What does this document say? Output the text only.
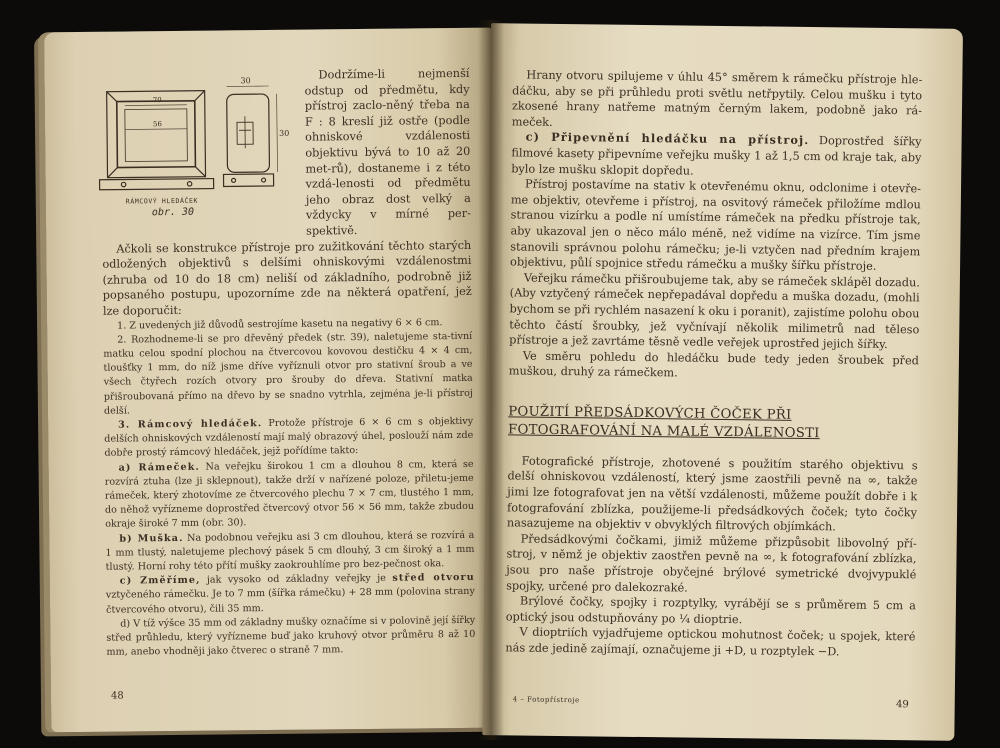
30
70
56
30
RÁMCOVÝ HLEDÁČEK
obr. 30

Dodržíme-li nejmenší odstup od předmětu, kdy přístroj zaclo-něný třeba na F : 8 kreslí již ostře (podle ohniskové vzdálenosti objektivu bývá to 10 až 20 met-rů), dostaneme i z této vzdá-lenosti od předmětu jeho obraz dost velký a vždycky v mírné per-spektivě.

Ačkoli se konstrukce přístroje pro zužitkování těchto starých odložených objektivů s delšími ohniskovými vzdálenostmi (zhruba od 10 do 18 cm) neliší od základního, podrobně již popsaného postupu, upozorníme zde na některá opatření, jež lze doporučit:

1. Z uvedených již důvodů sestrojíme kasetu na negativy 6 × 6 cm.

2. Rozhodneme-li se pro dřevěný předek (str. 39), naletujeme sta-tivní matku celou spodní plochou na čtvercovou kovovou destičku 4 × 4 cm, tloušťky 1 mm, do níž jsme dříve vyříznuli otvor pro stativní šroub a ve všech čtyřech rozích otvory pro šrouby do dřeva. Stativní matka přišroubovaná přímo na dřevo by se snadno vytrhla, zejména je-li přístroj delší.

3. Rámcový hledáček. Protože přístroje 6 × 6 cm s objektivy delších ohniskových vzdáleností mají malý obrazový úhel, poslouží nám zde dobře prostý rámcový hledáček, jejž pořídíme takto:

a) Rámeček. Na veřejku širokou 1 cm a dlouhou 8 cm, která se rozvírá ztuha (lze ji sklepnout), takže drží v nařízené poloze, přiletu-jeme rámeček, který zhotovíme ze čtvercového plechu 7 × 7 cm, tlustého 1 mm, do něhož vyřízneme doprostřed čtvercový otvor 56 × 56 mm, takže zbudou okraje široké 7 mm (obr. 30).

b) Muška. Na podobnou veřejku asi 3 cm dlouhou, která se rozvírá a 1 mm tlustý, naletujeme plechový pásek 5 cm dlouhý, 3 cm široký a 1 mm tlustý. Horní rohy této přítí mušky zaokrouhlíme pro bez-pečnost oka.

c) Změříme, jak vysoko od základny veřejky je střed otvoru vztyčeného rámečku. Je to 7 mm (šířka rámečku) + 28 mm (polovina strany čtvercového otvoru), čili 35 mm.

d) V tíž výšce 35 mm od základny mušky označíme si v polovině její šířky střed průhledu, který vyřízneme buď jako kruhový otvor průměru 8 až 10 mm, anebo vhodněji jako čtverec o straně 7 mm.

48

Hrany otvoru spilujeme v úhlu 45° směrem k rámečku přístroje hle-dáčku, aby se při průhledu proti světlu netřpytily. Celou mušku i tyto zkosené hrany natřeme matným černým lakem, podobně jako rá-meček.

c) Připevnění hledáčku na přístroj. Doprostřed šířky filmové kasety připevníme veřejku mušky 1 až 1,5 cm od kraje tak, aby bylo lze mušku sklopit dopředu.

Přístroj postavíme na stativ k otevřenému oknu, odclonime i otevře-me objektiv, otevřeme i přístroj, na osvitový rámeček přiložíme mdlou stranou vizírku a podle ní umístíme rámeček na předku přístroje tak, aby ukazoval jen o něco málo méně, než vidíme na vizírce. Tím jsme stanovili správnou polohu rámečku; je-li vztyčen nad předním krajem objektivu, půlí spojnice středu rámečku a mušky šířku přístroje.

Veřejku rámečku přišroubujeme tak, aby se rámeček sklápěl dozadu. (Aby vztyčený rámeček nepřepadával dopředu a muška dozadu, (mohli bychom se při rychlém nasazení k oku i poranit), zajistíme polohu obou těchto částí šroubky, jež vyčnívají několik milimetrů nad těleso přístroje a jež zavrtáme těsně vedle veřejek uprostřed jejich šířky.

Ve směru pohledu do hledáčku bude tedy jeden šroubek před muškou, druhý za rámečkem.

POUŽITÍ PŘEDSÁDKOVÝCH ČOČEK PŘI FOTOGRAFOVÁNÍ NA MALÉ VZDÁLENOSTI

Fotografické přístroje, zhotovené s použitím starého objektivu s delší ohniskovou vzdáleností, který jsme zaostřili pevně na ∞, takže jimi lze fotografovat jen na větší vzdálenosti, můžeme použít dobře i k fotografování zblízka, použijeme-li předsádkových čoček; tyto čočky nasazujeme na objektiv v obvyklých filtrových objímkách.

Předsádkovými čočkami, jimiž můžeme přizpůsobit libovolný pří-stroj, v němž je objektiv zaostřen pevně na ∞, k fotografování zblízka, jsou pro naše přístroje obyčejné brýlové symetrické dvojvypuklé spojky, určené pro dalekozraké.

Brýlové čočky, spojky i rozptylky, vyrábějí se s průměrem 5 cm a optický jsou odstupňovány po ¼ dioptrie.

V dioptriích vyjadřujeme optickou mohutnost čoček; u spojek, které nás zde jedině zajímají, označujeme ji +D, u rozptylek −D.

4 – Fotopřístroje	49
